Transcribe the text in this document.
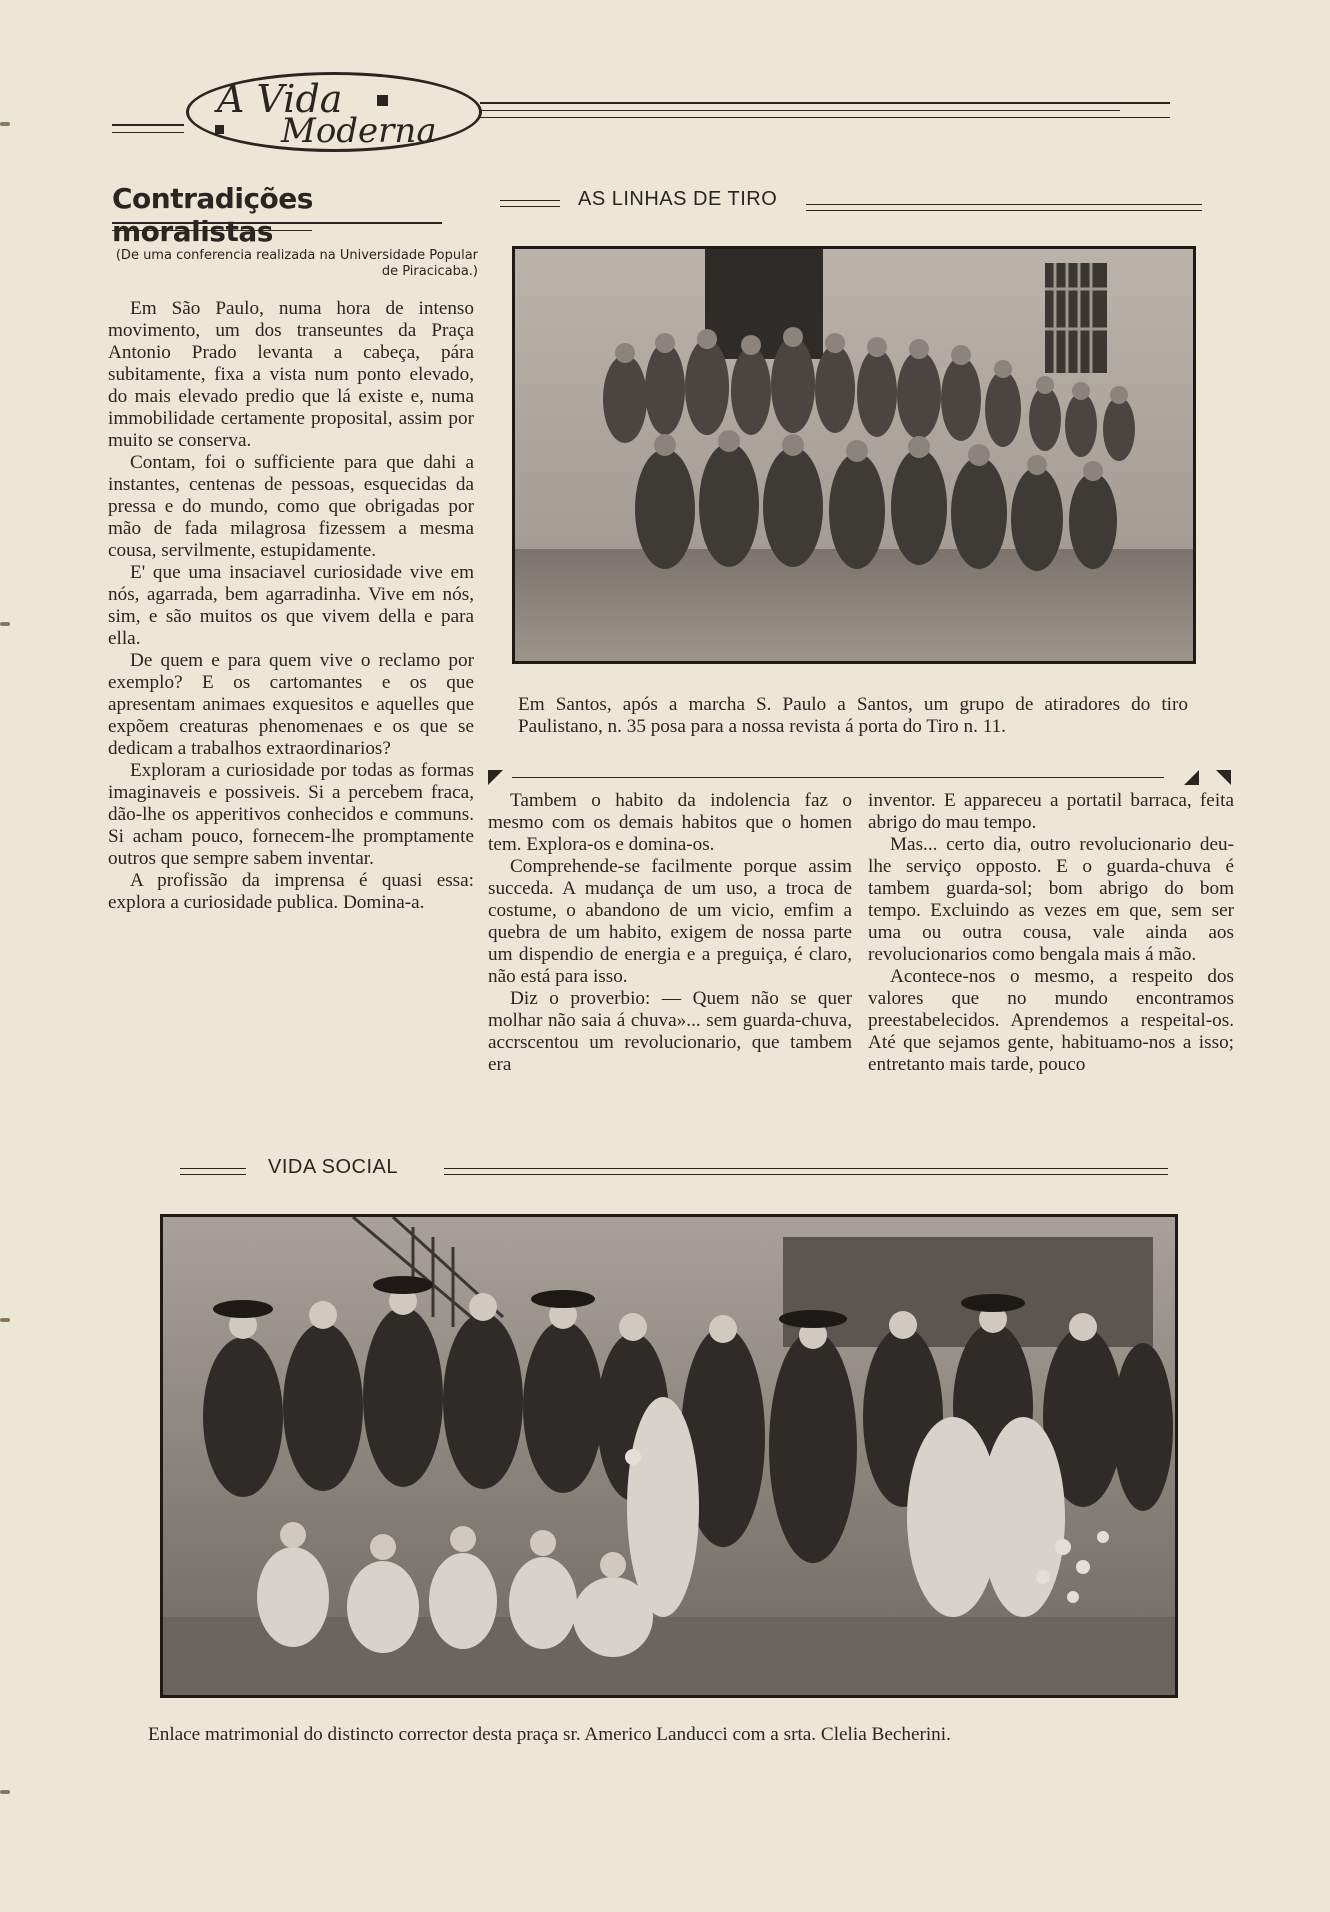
A Vida
Moderna
Contradições moralistas
(De uma conferencia realizada na Universidade Popular de Piracicaba.)

Em São Paulo, numa hora de intenso movimento, um dos transeuntes da Praça Antonio Prado levanta a cabeça, pára subitamente, fixa a vista num ponto elevado, do mais elevado predio que lá existe e, numa immobilidade certamente proposital, assim por muito se conserva.

Contam, foi o sufficiente para que dahi a instantes, centenas de pessoas, esquecidas da pressa e do mundo, como que obrigadas por mão de fada milagrosa fizessem a mesma cousa, servilmente, estupidamente.

E' que uma insaciavel curiosidade vive em nós, agarrada, bem agarradinha. Vive em nós, sim, e são muitos os que vivem della e para ella.

De quem e para quem vive o reclamo por exemplo? E os cartomantes e os que apresentam animaes exquesitos e aquelles que expõem creaturas phenomenaes e os que se dedicam a trabalhos extraordinarios?

Exploram a curiosidade por todas as formas imaginaveis e possiveis. Si a percebem fraca, dão-lhe os apperitivos conhecidos e communs. Si acham pouco, fornecem-lhe promptamente outros que sempre sabem inventar.

A profissão da imprensa é quasi essa: explora a curiosidade publica. Domina-a.

AS LINHAS DE TIRO
Em Santos, após a marcha S. Paulo a Santos, um grupo de atiradores do tiro Paulistano, n. 35 posa para a nossa revista á porta do Tiro n. 11.

Tambem o habito da indolencia faz o mesmo com os demais habitos que o homen tem. Explora-os e domina-os.

Comprehende-se facilmente porque assim succeda. A mudança de um uso, a troca de costume, o abandono de um vicio, emfim a quebra de um habito, exigem de nossa parte um dispendio de energia e a preguiça, é claro, não está para isso.

Diz o proverbio: — Quem não se quer molhar não saia á chuva»... sem guarda-chuva, accrscentou um revolucionario, que tambem era

inventor. E appareceu a portatil barraca, feita abrigo do mau tempo.

Mas... certo dia, outro revolucionario deu-lhe serviço opposto. E o guarda-chuva é tambem guarda-sol; bom abrigo do bom tempo. Excluindo as vezes em que, sem ser uma ou outra cousa, vale ainda aos revolucionarios como bengala mais á mão.

Acontece-nos o mesmo, a respeito dos valores que no mundo encontramos preestabelecidos. Aprendemos a respeital-os. Até que sejamos gente, habituamo-nos a isso; entretanto mais tarde, pouco

VIDA SOCIAL
Enlace matrimonial do distincto corrector desta praça sr. Americo Landucci com a srta. Clelia Becherini.
